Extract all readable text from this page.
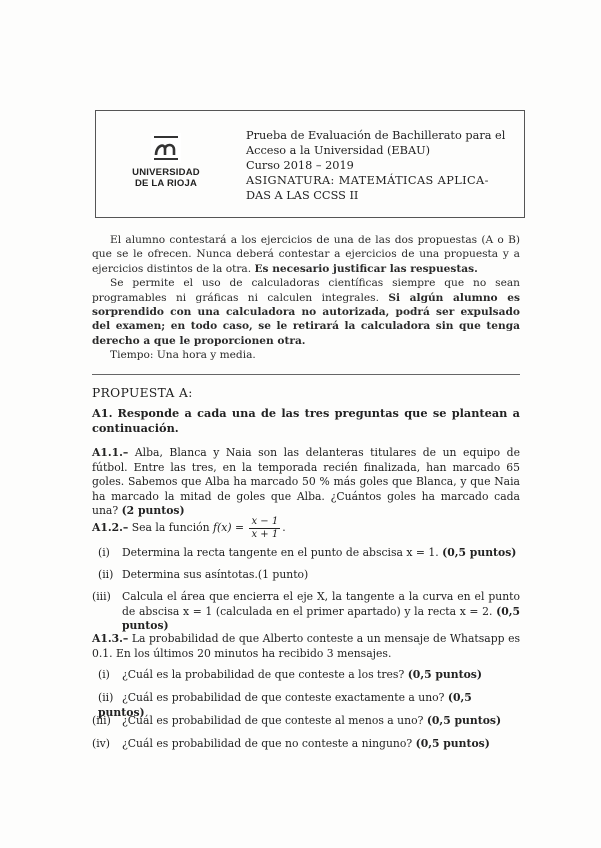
UNIVERSIDAD
DE LA RIOJA
Prueba de Evaluación de Bachillerato para el
Acceso a la Universidad (EBAU)
Curso 2018 – 2019
ASIGNATURA: MATEMÁTICAS APLICA-
DAS A LAS CCSS II

El alumno contestará a los ejercicios de una de las dos propuestas (A o B) que se le ofrecen. Nunca deberá contestar a ejercicios de una propuesta y a ejercicios distintos de la otra. Es necesario justificar las respuestas.

Se permite el uso de calculadoras científicas siempre que no sean programables ni gráficas ni calculen integrales. Si algún alumno es sorprendido con una calculadora no autorizada, podrá ser expulsado del examen; en todo caso, se le retirará la calculadora sin que tenga derecho a que le proporcionen otra.

Tiempo: Una hora y media.

PROPUESTA A:
A1. Responde a cada una de las tres preguntas que se plantean a continuación.
A1.1.– Alba, Blanca y Naia son las delanteras titulares de un equipo de fútbol. Entre las tres, en la temporada recién finalizada, han marcado 65 goles. Sabemos que Alba ha marcado 50 % más goles que Blanca, y que Naia ha marcado la mitad de goles que Alba. ¿Cuántos goles ha marcado cada una? (2 puntos)
A1.2.– Sea la función $f(x) = \frac{x - 1}{x + 1}$ .
(i) Determina la recta tangente en el punto de abscisa x = 1. (0,5 puntos)
(ii) Determina sus asíntotas.(1 punto)
(iii) Calcula el área que encierra el eje X, la tangente a la curva en el punto de abscisa x = 1 (calculada en el primer apartado) y la recta x = 2. (0,5 puntos)
A1.3.– La probabilidad de que Alberto conteste a un mensaje de Whatsapp es 0.1. En los últimos 20 minutos ha recibido 3 mensajes.
(i) ¿Cuál es la probabilidad de que conteste a los tres? (0,5 puntos)
(ii) ¿Cuál es probabilidad de que conteste exactamente a uno? (0,5 puntos)
(iii) ¿Cuál es probabilidad de que conteste al menos a uno? (0,5 puntos)
(iv) ¿Cuál es probabilidad de que no conteste a ninguno? (0,5 puntos)
